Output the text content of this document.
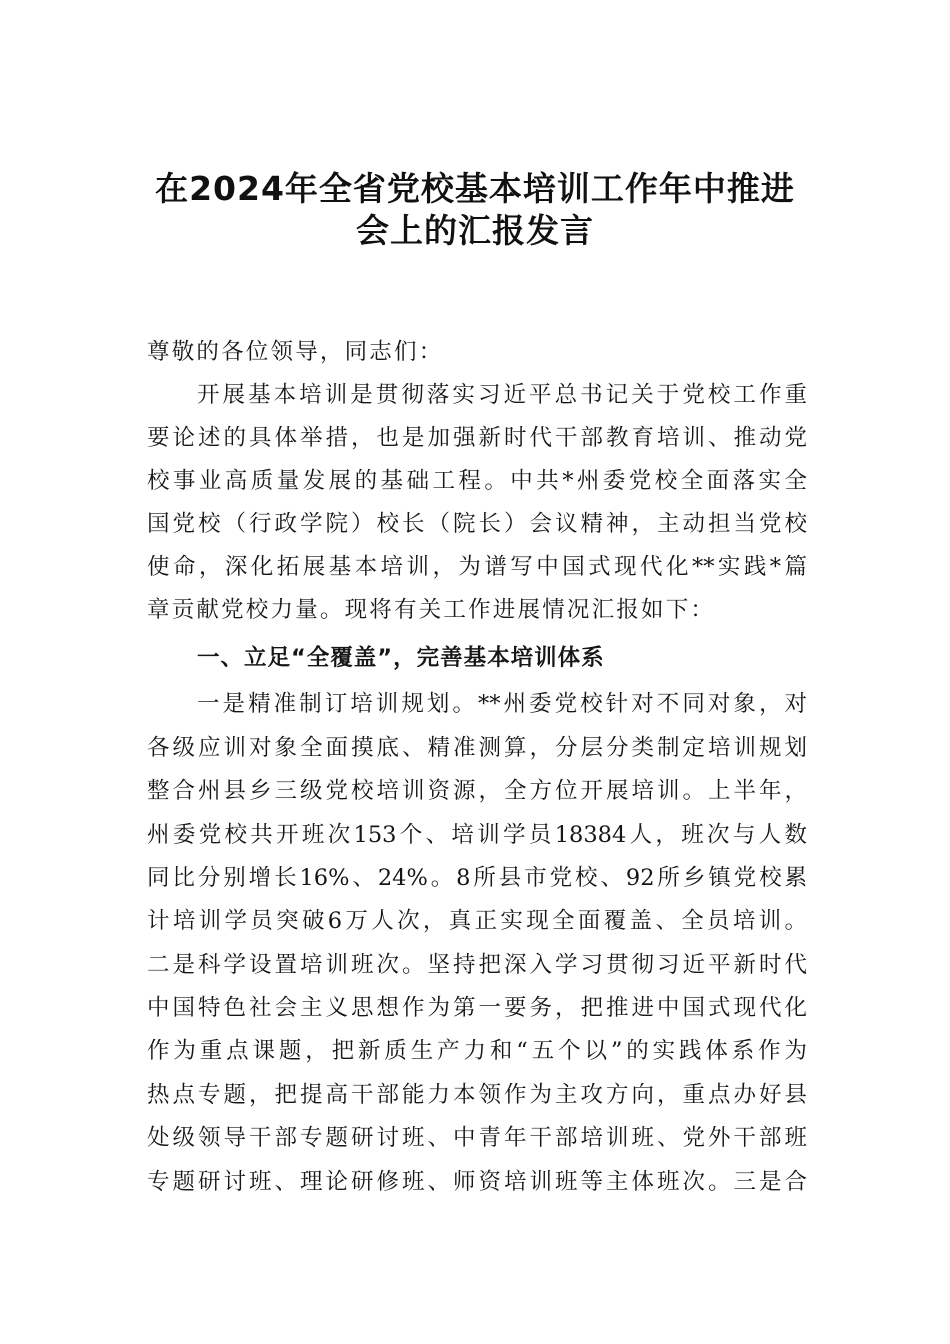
在2024年全省党校基本培训工作年中推进
会上的汇报发言
尊敬的各位领导，同志们：
开展基本培训是贯彻落实习近平总书记关于党校工作重
要论述的具体举措，也是加强新时代干部教育培训、推动党
校事业高质量发展的基础工程。中共*州委党校全面落实全
国党校（行政学院）校长（院长）会议精神，主动担当党校
使命，深化拓展基本培训，为谱写中国式现代化**实践*篇
章贡献党校力量。现将有关工作进展情况汇报如下：
一、立足“全覆盖”，完善基本培训体系
一是精准制订培训规划。**州委党校针对不同对象，对
各级应训对象全面摸底、精准测算，分层分类制定培训规划
整合州县乡三级党校培训资源，全方位开展培训。上半年，
州委党校共开班次153个、培训学员18384人，班次与人数
同比分别增长16%、24%。8所县市党校、92所乡镇党校累
计培训学员突破6万人次，真正实现全面覆盖、全员培训。
二是科学设置培训班次。坚持把深入学习贯彻习近平新时代
中国特色社会主义思想作为第一要务，把推进中国式现代化
作为重点课题，把新质生产力和“五个以”的实践体系作为
热点专题，把提高干部能力本领作为主攻方向，重点办好县
处级领导干部专题研讨班、中青年干部培训班、党外干部班
专题研讨班、理论研修班、师资培训班等主体班次。三是合
